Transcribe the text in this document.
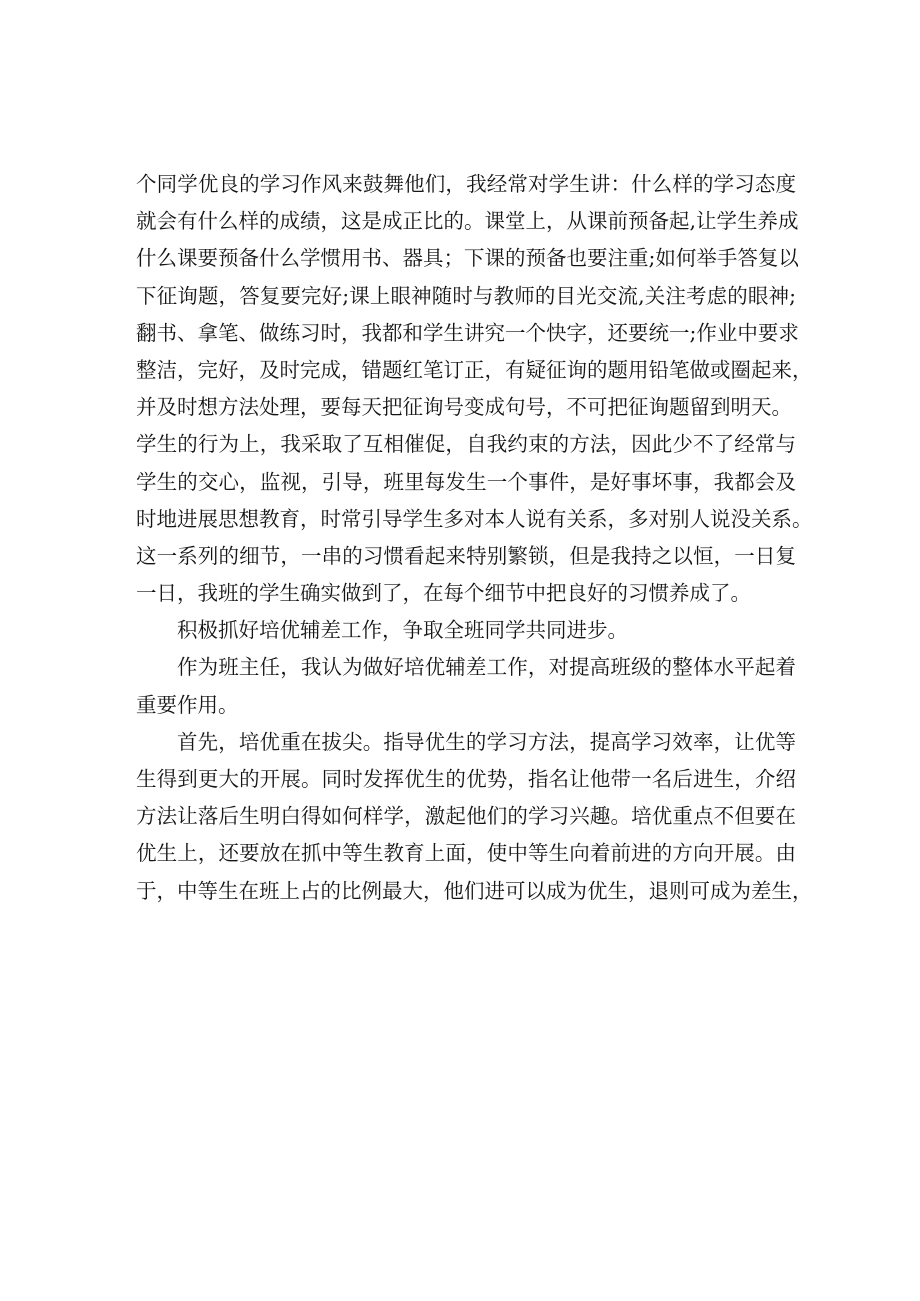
个同学优良的学习作风来鼓舞他们，我经常对学生讲：什么样的学习态度
就会有什么样的成绩，这是成正比的。课堂上，从课前预备起,让学生养成
什么课要预备什么学惯用书、器具；下课的预备也要注重;如何举手答复以
下征询题，答复要完好;课上眼神随时与教师的目光交流,关注考虑的眼神;
翻书、拿笔、做练习时，我都和学生讲究一个快字，还要统一;作业中要求
整洁，完好，及时完成，错题红笔订正，有疑征询的题用铅笔做或圈起来，
并及时想方法处理，要每天把征询号变成句号，不可把征询题留到明天。
学生的行为上，我采取了互相催促，自我约束的方法，因此少不了经常与
学生的交心，监视，引导，班里每发生一个事件，是好事坏事，我都会及
时地进展思想教育，时常引导学生多对本人说有关系，多对别人说没关系。
这一系列的细节，一串的习惯看起来特别繁锁，但是我持之以恒，一日复
一日，我班的学生确实做到了，在每个细节中把良好的习惯养成了。
积极抓好培优辅差工作，争取全班同学共同进步。
作为班主任，我认为做好培优辅差工作，对提高班级的整体水平起着
重要作用。
首先，培优重在拔尖。指导优生的学习方法，提高学习效率，让优等
生得到更大的开展。同时发挥优生的优势，指名让他带一名后进生，介绍
方法让落后生明白得如何样学，激起他们的学习兴趣。培优重点不但要在
优生上，还要放在抓中等生教育上面，使中等生向着前进的方向开展。由
于，中等生在班上占的比例最大，他们进可以成为优生，退则可成为差生，
